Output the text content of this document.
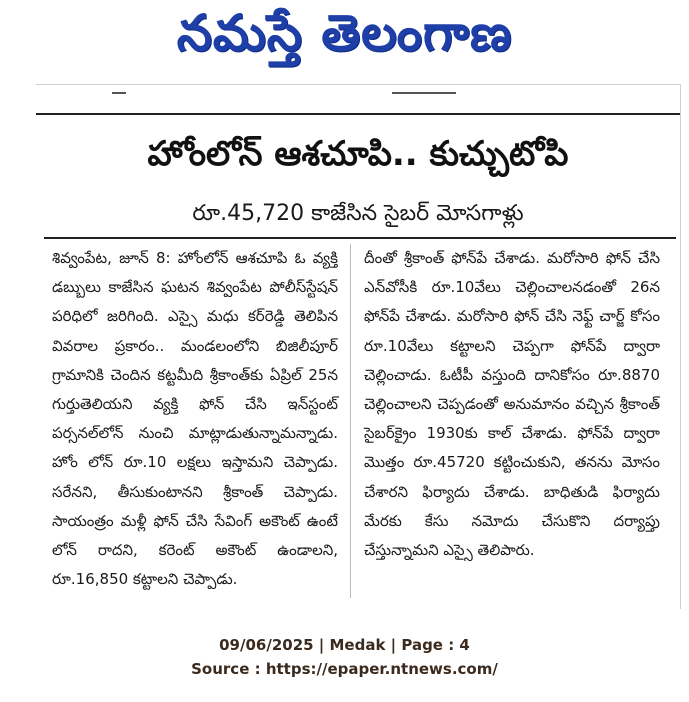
నమస్తే తెలంగాణ
హోంలోన్ ఆశచూపి.. కుచ్చుటోపి
రూ.45,720 కాజేసిన సైబర్ మోసగాళ్లు
శివ్వంపేట, జూన్ 8: హోంలోన్ ఆశచూపి ఓ వ్యక్తి డబ్బులు కాజేసిన ఘటన శివ్వంపేట పోలీస్‌స్టేషన్ పరిధిలో జరిగింది. ఎస్సై మధు కర్‌రెడ్డి తెలిపిన వివరాల ప్రకారం.. మండలంలోని బిజిలీపూర్ గ్రామానికి చెందిన కట్టమీది శ్రీకాంత్‌కు ఏప్రిల్ 25న గుర్తుతెలియని వ్యక్తి ఫోన్ చేసి ఇన్‌స్టంట్ పర్సనల్‌లోన్ నుంచి మాట్లాడుతున్నామన్నాడు. హోం లోన్ రూ.10 లక్షలు ఇస్తామని చెప్పాడు. సరేనని, తీసుకుంటానని శ్రీకాంత్ చెప్పాడు. సాయంత్రం మళ్లీ ఫోన్ చేసి సేవింగ్ అకౌంట్ ఉంటే లోన్ రాదని, కరెంట్ అకౌంట్ ఉండాలని, రూ.16,850 కట్టాలని చెప్పాడు.
దీంతో శ్రీకాంత్ ఫోన్‌పే చేశాడు. మరోసారి ఫోన్ చేసి ఎన్‌వోసీకి రూ.10వేలు చెల్లించాలనడంతో 26న ఫోన్‌పే చేశాడు. మరోసారి ఫోన్ చేసి నెఫ్ట్ చార్జ్ కోసం రూ.10వేలు కట్టాలని చెప్పగా ఫోన్‌పే ద్వారా చెల్లించాడు. ఓటీపీ వస్తుంది దానికోసం రూ.8870 చెల్లించాలని చెప్పడంతో అనుమానం వచ్చిన శ్రీకాంత్ సైబర్‌క్రైం 1930కు కాల్ చేశాడు. ఫోన్‌పే ద్వారా మొత్తం రూ.45720 కట్టించుకుని, తనను మోసం చేశారని ఫిర్యాదు చేశాడు. బాధితుడి ఫిర్యాదు మేరకు కేసు నమోదు చేసుకొని దర్యాప్తు చేస్తున్నామని ఎస్సై తెలిపారు.
09/06/2025 | Medak | Page : 4
Source : https://epaper.ntnews.com/
